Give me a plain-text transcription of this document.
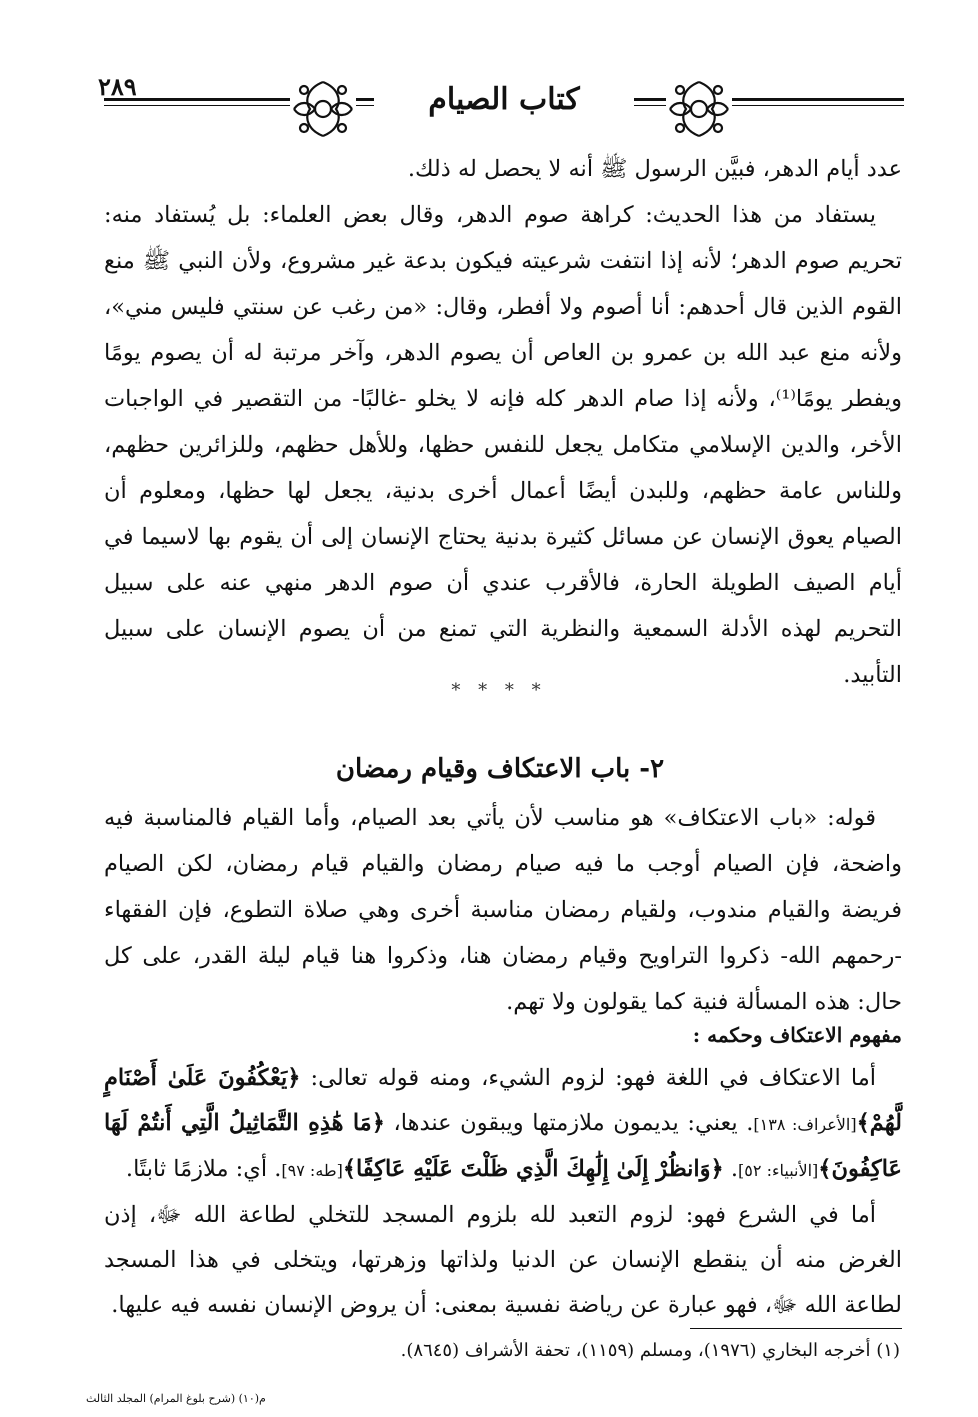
٢٨٩	كتاب الصيام

عدد أيام الدهر، فبيَّن الرسول ﷺ أنه لا يحصل له ذلك.

يستفاد من هذا الحديث: كراهة صوم الدهر، وقال بعض العلماء: بل يُستفاد منه: تحريم صوم الدهر؛ لأنه إذا انتفت شرعيته فيكون بدعة غير مشروع، ولأن النبي ﷺ منع القوم الذين قال أحدهم: أنا أصوم ولا أفطر، وقال: «من رغب عن سنتي فليس مني»، ولأنه منع عبد الله بن عمرو بن العاص أن يصوم الدهر، وآخر مرتبة له أن يصوم يومًا ويفطر يومًا⁽¹⁾، ولأنه إذا صام الدهر كله فإنه لا يخلو -غالبًا- من التقصير في الواجبات الأخر، والدين الإسلامي متكامل يجعل للنفس حظها، وللأهل حظهم، وللزائرين حظهم، وللناس عامة حظهم، وللبدن أيضًا أعمال أخرى بدنية، يجعل لها حظها، ومعلوم أن الصيام يعوق الإنسان عن مسائل كثيرة بدنية يحتاج الإنسان إلى أن يقوم بها لاسيما في أيام الصيف الطويلة الحارة، فالأقرب عندي أن صوم الدهر منهي عنه على سبيل التحريم لهذه الأدلة السمعية والنظرية التي تمنع من أن يصوم الإنسان على سبيل التأبيد.

* * * *
٢- باب الاعتكاف وقيام رمضان

قوله: «باب الاعتكاف» هو مناسب لأن يأتي بعد الصيام، وأما القيام فالمناسبة فيه واضحة، فإن الصيام أوجب ما فيه صيام رمضان والقيام قيام رمضان، لكن الصيام فريضة والقيام مندوب، ولقيام رمضان مناسبة أخرى وهي صلاة التطوع، فإن الفقهاء -رحمهم الله- ذكروا التراويح وقيام رمضان هنا، وذكروا هنا قيام ليلة القدر، على كل حال: هذه المسألة فنية كما يقولون ولا تهم.

مفهوم الاعتكاف وحكمه :

أما الاعتكاف في اللغة فهو: لزوم الشيء، ومنه قوله تعالى: ﴿يَعْكُفُونَ عَلَىٰ أَصْنَامٍ لَّهُمْ﴾[الأعراف: ١٣٨]. يعني: يديمون ملازمتها ويبقون عندها، ﴿مَا هَٰذِهِ التَّمَاثِيلُ الَّتِي أَنتُمْ لَهَا عَاكِفُونَ﴾[الأنبياء: ٥٢]. ﴿وَانظُرْ إِلَىٰ إِلَٰهِكَ الَّذِي ظَلْتَ عَلَيْهِ عَاكِفًا﴾[طه: ٩٧]. أي: ملازمًا ثابتًا.

أما في الشرع فهو: لزوم التعبد لله بلزوم المسجد للتخلي لطاعة الله ﷻ، إذن الغرض منه أن ينقطع الإنسان عن الدنيا ولذاتها وزهرتها، ويتخلى في هذا المسجد لطاعة الله ﷻ، فهو عبارة عن رياضة نفسية بمعنى: أن يروض الإنسان نفسه فيه عليها.

(١) أخرجه البخاري (١٩٧٦)، ومسلم (١١٥٩)، تحفة الأشراف (٨٦٤٥).
م(١٠) (شرح بلوغ المرام) المجلد الثالث
